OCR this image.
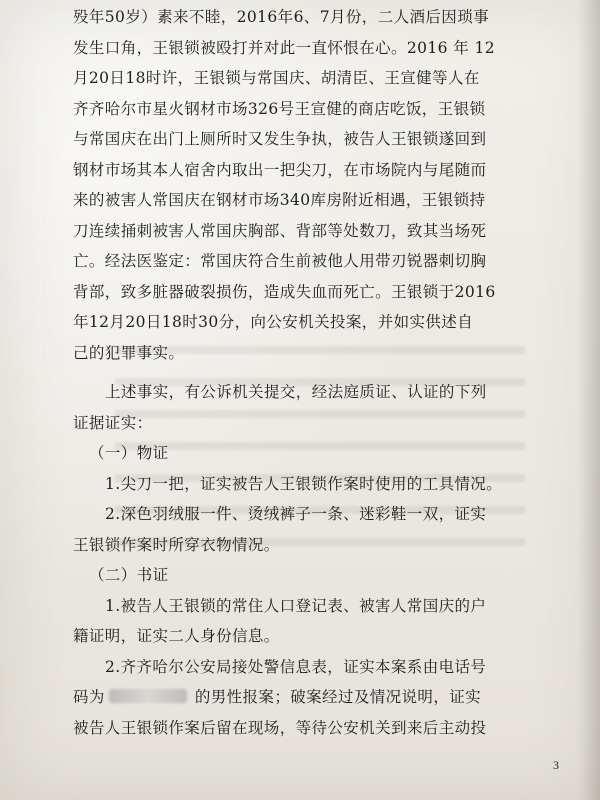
殁年50岁）素来不睦，2016年6、7月份，二人酒后因琐事
发生口角，王银锁被殴打并对此一直怀恨在心。2016 年 12
月20日18时许，王银锁与常国庆、胡清臣、王宣健等人在
齐齐哈尔市星火钢材市场326号王宣健的商店吃饭，王银锁
与常国庆在出门上厕所时又发生争执，被告人王银锁遂回到
钢材市场其本人宿舍内取出一把尖刀，在市场院内与尾随而
来的被害人常国庆在钢材市场340库房附近相遇，王银锁持
刀连续捅刺被害人常国庆胸部、背部等处数刀，致其当场死
亡。经法医鉴定：常国庆符合生前被他人用带刃锐器刺切胸
背部，致多脏器破裂损伤，造成失血而死亡。王银锁于2016
年12月20日18时30分，向公安机关投案，并如实供述自
己的犯罪事实。
上述事实，有公诉机关提交，经法庭质证、认证的下列
证据证实：
（一）物证
1.尖刀一把，证实被告人王银锁作案时使用的工具情况。
2.深色羽绒服一件、烫绒裤子一条、迷彩鞋一双，证实
王银锁作案时所穿衣物情况。
（二）书证
1.被告人王银锁的常住人口登记表、被害人常国庆的户
籍证明，证实二人身份信息。
2.齐齐哈尔公安局接处警信息表，证实本案系由电话号
码为	的男性报案；破案经过及情况说明，证实
被告人王银锁作案后留在现场，等待公安机关到来后主动投
3
